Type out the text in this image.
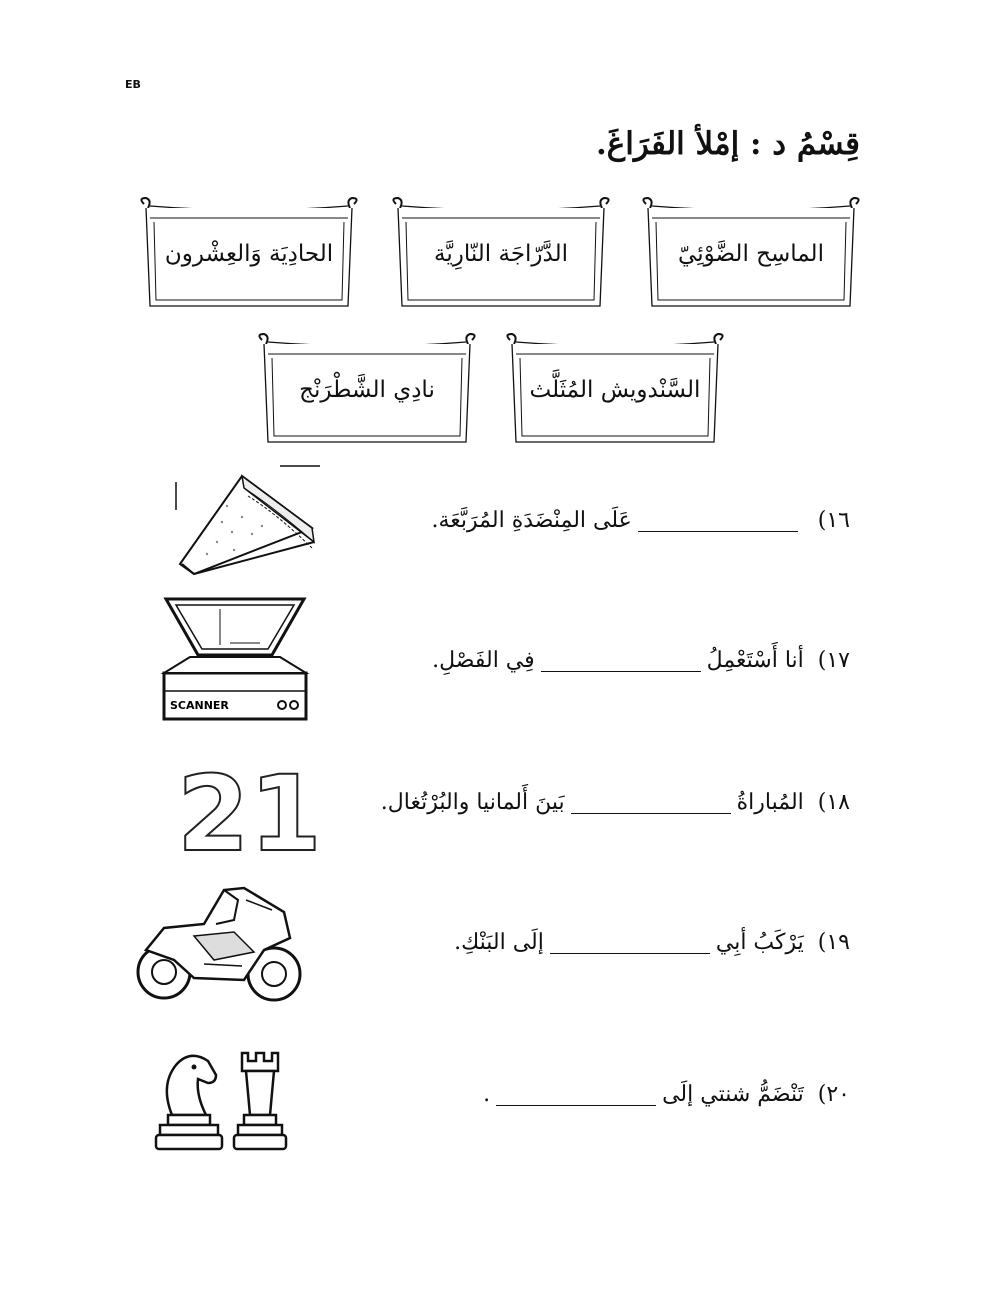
EB
قِسْمُ د : إمْلأ الفَرَاغَ.
الماسِح الضَّوْئِيّ
الدَّرّاجَة النّارِيَّة
الحادِيَة وَالعِشْرون
السَّنْدويش المُثَلَّث
نادِي الشَّطْرَنْج
١٦)
عَلَى المِنْضَدَةِ المُرَبَّعَة.
١٧)
أنا أَسْتَعْمِلُ
فِي الفَصْلِ.
١٨)
المُباراةُ
بَينَ أَلمانيا والبُرْتُغال.
١٩)
يَرْكَبُ أبِي
إلَى البَنْكِ.
٢٠)
تَنْضَمُّ شنتي إلَى
.
SCANNER
21
